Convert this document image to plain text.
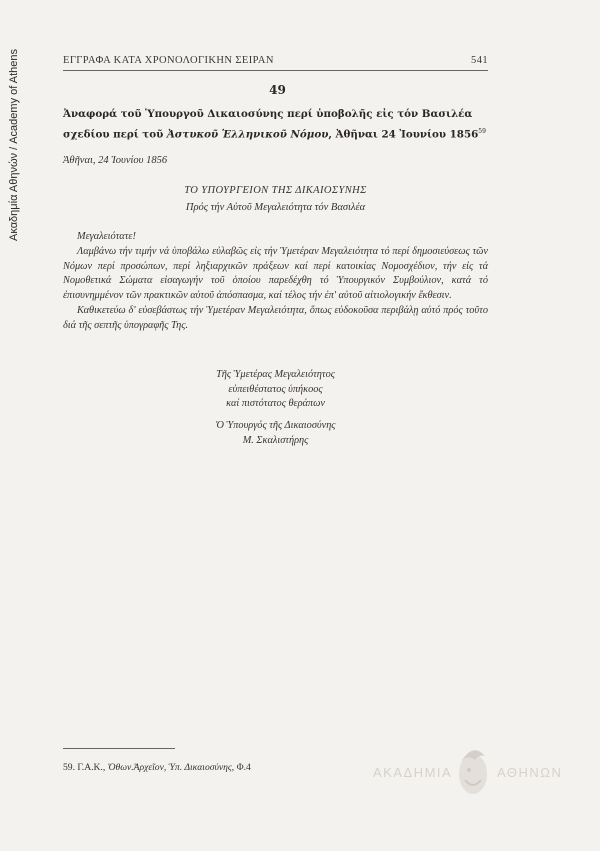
Ακαδημία Αθηνών / Academy of Athens	ΕΓΓΡΑΦΑ ΚΑΤΑ ΧΡΟΝΟΛΟΓΙΚΗΝ ΣΕΙΡΑΝ	541
49
Ἀναφορά τοῦ Ὑπουργοῦ Δικαιοσύνης περί ὑποβολῆς εἰς τόν Βασιλέα
σχεδίου περί τοῦ Ἀστυκοῦ Ἑλληνικοῦ Νόμου, Ἀθῆναι 24 Ἰουνίου 1856$^{59}$
Ἀθῆναι, 24 Ἰουνίου 1856
ΤΟ ΥΠΟΥΡΓΕΙΟΝ ΤΗΣ ΔΙΚΑΙΟΣΥΝΗΣ
Πρός τήν Αὐτοῦ Μεγαλειότητα τόν Βασιλέα

Μεγαλειότατε!

Λαμβάνω τήν τιμήν νά ὑποβάλω εὐλαβῶς εἰς τήν Ὑμετέραν Μεγαλειότητα τό περί δημοσιεύσεως τῶν Νόμων περί προσώπων, περί ληξιαρχικῶν πράξεων καί περί κατοικίας Νομοσχέδιον, τήν εἰς τά Νομοθετικά Σώματα εἰσαγωγήν τοῦ ὁποίου παρεδέχθη τό Ὑπουργικόν Συμβούλιον, κατά τό ἐπισυνημμένον τῶν πρακτικῶν αὐτοῦ ἀπόσπασμα, καί τέλος τήν ἐπ' αὐτοῦ αἰτιολογικήν ἔκθεσιν.

Καθικετεύω δ' εὐσεβάστως τήν Ὑμετέραν Μεγαλειότητα, ὅπως εὐδοκοῦσα περιβάλῃ αὐτό πρός τοῦτο διά τῆς σεπτῆς ὑπογραφῆς Της.

Τῆς Ὑμετέρας Μεγαλειότητος
εὐπειθέστατος ὑπήκοος
καί πιστότατος θεράπων
Ὁ Ὑπουργός τῆς Δικαιοσύνης
Μ. Σκαλιστήρης
59. Γ.Α.Κ., Ὀθων.Ἀρχεῖον, Ὑπ. Δικαιοσύνης, Φ.4	ΑΚΑΔΗΜΙΑ	ΑΘΗΝΩΝ
